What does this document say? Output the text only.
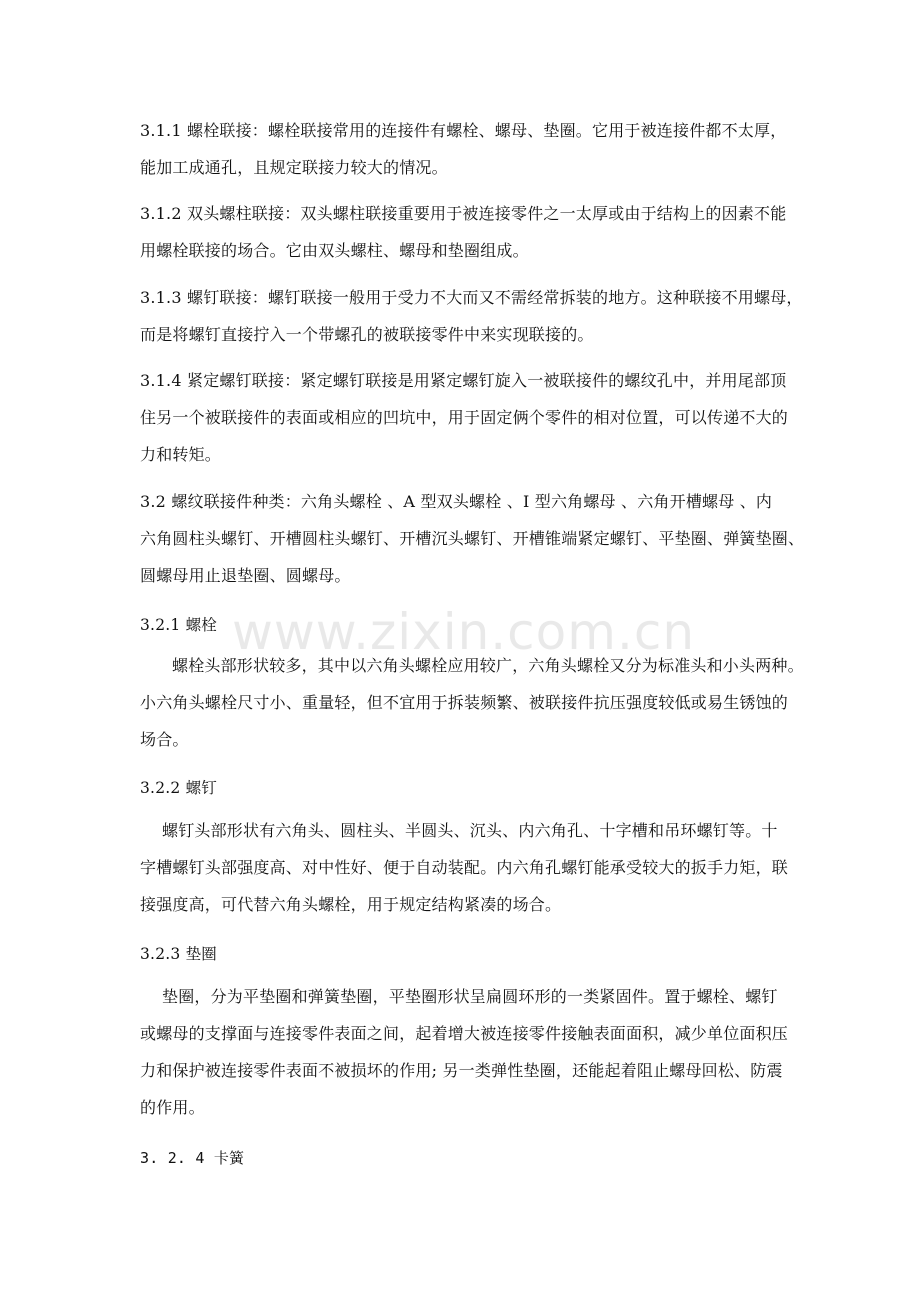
3.1.1 螺栓联接：螺栓联接常用的连接件有螺栓、螺母、垫圈。它用于被连接件都不太厚，
能加工成通孔，且规定联接力较大的情况。
3.1.2 双头螺柱联接：双头螺柱联接重要用于被连接零件之一太厚或由于结构上的因素不能
用螺栓联接的场合。它由双头螺柱、螺母和垫圈组成。
3.1.3 螺钉联接：螺钉联接一般用于受力不大而又不需经常拆装的地方。这种联接不用螺母，
而是将螺钉直接拧入一个带螺孔的被联接零件中来实现联接的。
3.1.4 紧定螺钉联接：紧定螺钉联接是用紧定螺钉旋入一被联接件的螺纹孔中，并用尾部顶
住另一个被联接件的表面或相应的凹坑中，用于固定俩个零件的相对位置，可以传递不大的
力和转矩。
3.2 螺纹联接件种类：六角头螺栓 、A 型双头螺栓 、I 型六角螺母 、六角开槽螺母 、内
六角圆柱头螺钉、开槽圆柱头螺钉、开槽沉头螺钉、开槽锥端紧定螺钉、平垫圈、弹簧垫圈、
圆螺母用止退垫圈、圆螺母。
3.2.1 螺栓
螺栓头部形状较多，其中以六角头螺栓应用较广，六角头螺栓又分为标准头和小头两种。
小六角头螺栓尺寸小、重量轻，但不宜用于拆装频繁、被联接件抗压强度较低或易生锈蚀的
场合。
3.2.2 螺钉
螺钉头部形状有六角头、圆柱头、半圆头、沉头、内六角孔、十字槽和吊环螺钉等。十
字槽螺钉头部强度高、对中性好、便于自动装配。内六角孔螺钉能承受较大的扳手力矩，联
接强度高，可代替六角头螺栓，用于规定结构紧凑的场合。
3.2.3 垫圈
垫圈，分为平垫圈和弹簧垫圈，平垫圈形状呈扁圆环形的一类紧固件。置于螺栓、螺钉
或螺母的支撑面与连接零件表面之间，起着增大被连接零件接触表面面积，减少单位面积压
力和保护被连接零件表面不被损坏的作用; 另一类弹性垫圈，还能起着阻止螺母回松、防震
的作用。
3. 2. 4 卡簧
www.zixin.com.cn
